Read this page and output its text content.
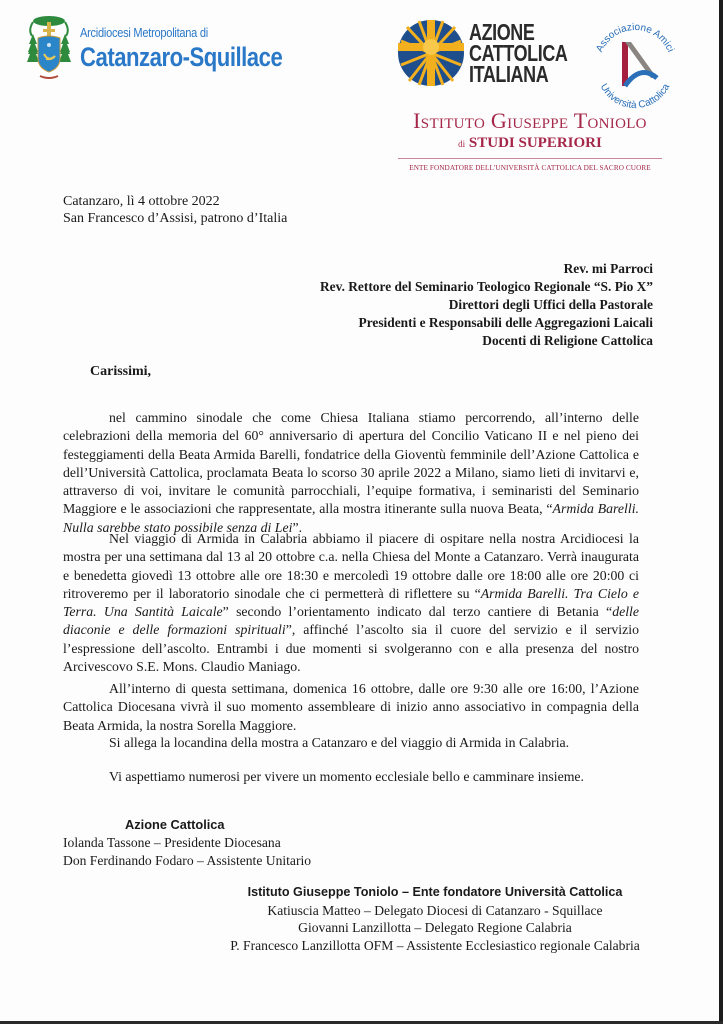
Arcidiocesi Metropolitana di
Catanzaro-Squillace
AZIONE
CATTOLICA
ITALIANA
Associazione Amici
Università Cattolica
Istituto Giuseppe Toniolo
di STUDI SUPERIORI
ENTE FONDATORE DELL'UNIVERSITÀ CATTOLICA DEL SACRO CUORE
Catanzaro, lì 4 ottobre 2022
San Francesco d’Assisi, patrono d’Italia
Rev. mi Parroci
Rev. Rettore del Seminario Teologico Regionale “S. Pio X”
Direttori degli Uffici della Pastorale
Presidenti e Responsabili delle Aggregazioni Laicali
Docenti di Religione Cattolica
Carissimi,
nel cammino sinodale che come Chiesa Italiana stiamo percorrendo, all’interno delle celebrazioni della memoria del 60° anniversario di apertura del Concilio Vaticano II e nel pieno dei festeggiamenti della Beata Armida Barelli, fondatrice della Gioventù femminile dell’Azione Cattolica e dell’Università Cattolica, proclamata Beata lo scorso 30 aprile 2022 a Milano, siamo lieti di invitarvi e, attraverso di voi, invitare le comunità parrocchiali, l’equipe formativa, i seminaristi del Seminario Maggiore e le associazioni che rappresentate, alla mostra itinerante sulla nuova Beata, “Armida Barelli. Nulla sarebbe stato possibile senza di Lei”.
Nel viaggio di Armida in Calabria abbiamo il piacere di ospitare nella nostra Arcidiocesi la mostra per una settimana dal 13 al 20 ottobre c.a. nella Chiesa del Monte a Catanzaro. Verrà inaugurata e benedetta giovedì 13 ottobre alle ore 18:30 e mercoledì 19 ottobre dalle ore 18:00 alle ore 20:00 ci ritroveremo per il laboratorio sinodale che ci permetterà di riflettere su “Armida Barelli. Tra Cielo e Terra. Una Santità Laicale” secondo l’orientamento indicato dal terzo cantiere di Betania “delle diaconie e delle formazioni spirituali”, affinché l’ascolto sia il cuore del servizio e il servizio l’espressione dell’ascolto. Entrambi i due momenti si svolgeranno con e alla presenza del nostro Arcivescovo S.E. Mons. Claudio Maniago.
All’interno di questa settimana, domenica 16 ottobre, dalle ore 9:30 alle ore 16:00, l’Azione Cattolica Diocesana vivrà il suo momento assembleare di inizio anno associativo in compagnia della Beata Armida, la nostra Sorella Maggiore.
Si allega la locandina della mostra a Catanzaro e del viaggio di Armida in Calabria.
Vi aspettiamo numerosi per vivere un momento ecclesiale bello e camminare insieme.
Azione Cattolica
Iolanda Tassone – Presidente Diocesana
Don Ferdinando Fodaro – Assistente Unitario
Istituto Giuseppe Toniolo – Ente fondatore Università Cattolica
Katiuscia Matteo – Delegato Diocesi di Catanzaro - Squillace
Giovanni Lanzillotta – Delegato Regione Calabria
P. Francesco Lanzillotta OFM – Assistente Ecclesiastico regionale Calabria
